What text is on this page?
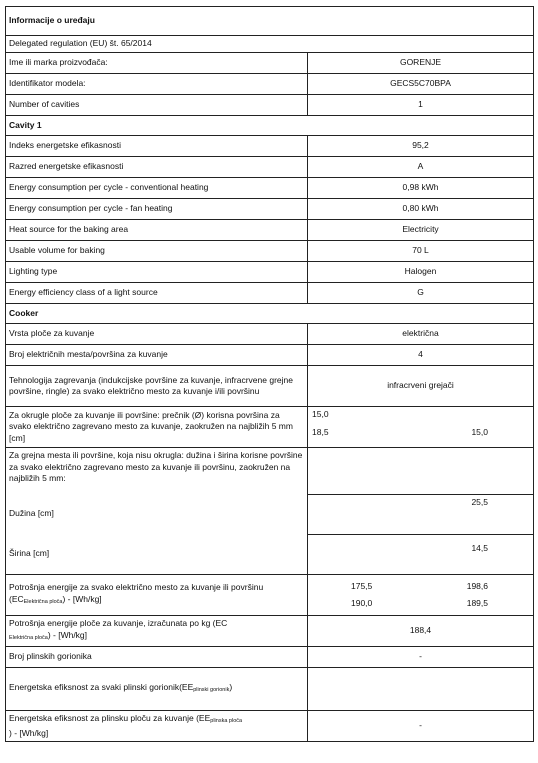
Informacije o uređaju	
Delegated regulation (EU) št. 65/2014	
Ime ili marka proizvođača:	GORENJE
Identifikator modela:	GECS5C70BPA
Number of cavities	1
Cavity 1	
Indeks energetske efikasnosti	95,2
Razred energetske efikasnosti	A
Energy consumption per cycle - conventional heating	0,98 kWh
Energy consumption per cycle - fan heating	0,80 kWh
Heat source for the baking area	Electricity
Usable volume for baking	70 L
Lighting type	Halogen
Energy efficiency class of a light source	G
Cooker	
Vrsta ploče za kuvanje	električna
Broj električnih mesta/površina za kuvanje	4
Tehnologija zagrevanja (indukcijske površine za kuvanje, infracrvene grejne površine, ringle) za svako električno mesto za kuvanje i/ili površinu	infracrveni grejači
Za okrugle ploče za kuvanje ili površine: prečnik (Ø) korisna površina za svako električno zagrevano mesto za kuvanje, zaokružen na najbližih 5 mm [cm]	15,0
18,5 15,0

Za grejna mesta ili površine, koja nisu okrugla: dužina i širina korisne površine za svako električno zagrevano mesto za kuvanje ili površinu, zaokružen na najbližih 5 mm:	
Dužina [cm]	25,5
Širina [cm]	14,5
Potrošnja energije za svako električno mesto za kuvanje ili površinu (ECElektrična ploča) - [Wh/kg]	175,5 198,6
190,0 189,5

Potrošnja energije ploče za kuvanje, izračunata po kg (EC
Električna ploča) - [Wh/kg]	188,4
Broj plinskih gorionika	-
Energetska efiksnost za svaki plinski gorionik(EEplinski gorionik)	
Energetska efiksnost za plinsku ploču za kuvanje (EEplinska ploča
) - [Wh/kg]	-
